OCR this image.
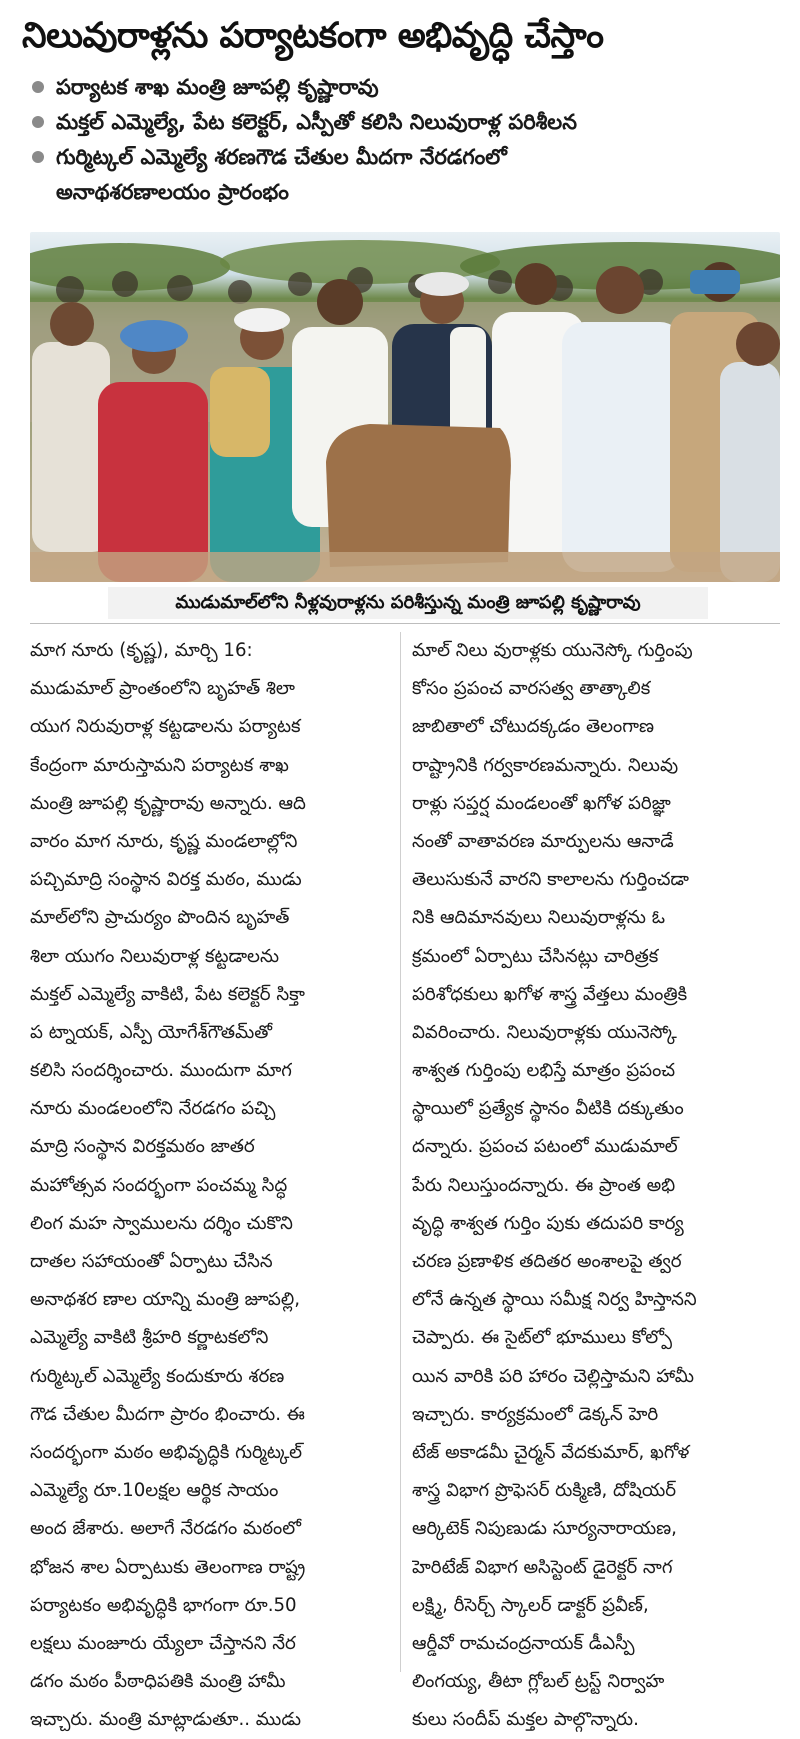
నిలువురాళ్లను పర్యాటకంగా అభివృద్ధి చేస్తాం
పర్యాటక శాఖ మంత్రి జూపల్లి కృష్ణారావు
మక్తల్ ఎమ్మెల్యే, పేట కలెక్టర్, ఎస్పీతో కలిసి నిలువురాళ్ల పరిశీలన
గుర్మిట్కల్ ఎమ్మెల్యే శరణగౌడ చేతుల మీదగా నేరడగంలో
అనాథశరణాలయం ప్రారంభం
ముడుమాల్‌లోని నీళ్లవురాళ్లను పరిశీస్తున్న మంత్రి జూపల్లి కృష్ణారావు
మాగ నూరు (కృష్ణ), మార్చి 16:
ముడుమాల్ ప్రాంతంలోని బృహత్ శిలా
యుగ నిరువురాళ్ల కట్టడాలను పర్యాటక
కేంద్రంగా మారుస్తామని పర్యాటక శాఖ
మంత్రి జూపల్లి కృష్ణారావు అన్నారు. ఆది
వారం మాగ నూరు, కృష్ణ మండలాల్లోని
పచ్చిమాద్రి సంస్థాన విరక్త మఠం, ముడు
మాల్‌లోని ప్రాచుర్యం పొందిన బృహత్
శిలా యుగం నిలువురాళ్ల కట్టడాలను
మక్తల్ ఎమ్మెల్యే వాకిటి, పేట కలెక్టర్ సిక్తా
ప ట్నాయక్, ఎస్పీ యోగేశ్‌గౌతమ్‌తో
కలిసి సందర్శించారు. ముందుగా మాగ
నూరు మండలంలోని నేరడగం పచ్చి
మాద్రి సంస్థాన విరక్తమఠం జాతర
మహోత్సవ సందర్భంగా పంచమ్మ సిద్ధ
లింగ మహ స్వాములను దర్శిం చుకొని
దాతల సహాయంతో ఏర్పాటు చేసిన
అనాథశర ణాల యాన్ని మంత్రి జూపల్లి,
ఎమ్మెల్యే వాకిటి శ్రీహరి కర్ణాటకలోని
గుర్మిట్కల్ ఎమ్మెల్యే కందుకూరు శరణ
గౌడ చేతుల మీదగా ప్రారం భించారు. ఈ
సందర్భంగా మఠం అభివృద్ధికి గుర్మిట్కల్
ఎమ్మెల్యే రూ.10లక్షల ఆర్థిక సాయం
అంద జేశారు. అలాగే నేరడగం మఠంలో
భోజన శాల ఏర్పాటుకు తెలంగాణ రాష్ట్ర
పర్యాటకం అభివృద్ధికి భాగంగా రూ.50
లక్షలు మంజూరు య్యేలా చేస్తానని నేర
డగం మఠం పీఠాధిపతికి మంత్రి హామీ
ఇచ్చారు. మంత్రి మాట్లాడుతూ.. ముడు
మాల్ నిలు వురాళ్లకు యునెస్కో గుర్తింపు
కోసం ప్రపంచ వారసత్వ తాత్కాలిక
జాబితాలో చోటుదక్కడం తెలంగాణ
రాష్ట్రానికి గర్వకారణమన్నారు. నిలువు
రాళ్లు సప్తర్ష మండలంతో ఖగోళ పరిజ్ఞా
నంతో వాతావరణ మార్పులను ఆనాడే
తెలుసుకునే వారని కాలాలను గుర్తించడా
నికి ఆదిమానవులు నిలువురాళ్లను ఓ
క్రమంలో ఏర్పాటు చేసినట్లు చారిత్రక
పరిశోధకులు ఖగోళ శాస్త్ర వేత్తలు మంత్రికి
వివరించారు. నిలువురాళ్లకు యునెస్కో
శాశ్వత గుర్తింపు లభిస్తే మాత్రం ప్రపంచ
స్థాయిలో ప్రత్యేక స్థానం వీటికి దక్కుతుం
దన్నారు. ప్రపంచ పటంలో ముడుమాల్
పేరు నిలుస్తుందన్నారు. ఈ ప్రాంత అభి
వృద్ధి శాశ్వత గుర్తిం పుకు తదుపరి కార్య
చరణ ప్రణాళిక తదితర అంశాలపై త్వర
లోనే ఉన్నత స్థాయి సమీక్ష నిర్వ హిస్తానని
చెప్పారు. ఈ సైట్‌లో భూములు కోల్పో
యిన వారికి పరి హారం చెల్లిస్తామని హామీ
ఇచ్చారు. కార్యక్రమంలో డెక్కన్ హెరి
టేజ్ అకాడమీ చైర్మన్ వేదకుమార్, ఖగోళ
శాస్త్ర విభాగ ప్రొఫెసర్ రుక్మిణి, దోషియర్
ఆర్కిటెక్ నిపుణుడు సూర్యనారాయణ,
హెరిటేజ్ విభాగ అసిస్టెంట్ డైరెక్టర్ నాగ
లక్ష్మి, రీసెర్చ్ స్కాలర్ డాక్టర్ ప్రవీణ్,
ఆర్డీవో రామచంద్రనాయక్ డీఎస్పీ
లింగయ్య, తీటా గ్లోబల్ ట్రస్ట్ నిర్వాహ
కులు సందీప్ మక్తల పాల్గొన్నారు.
